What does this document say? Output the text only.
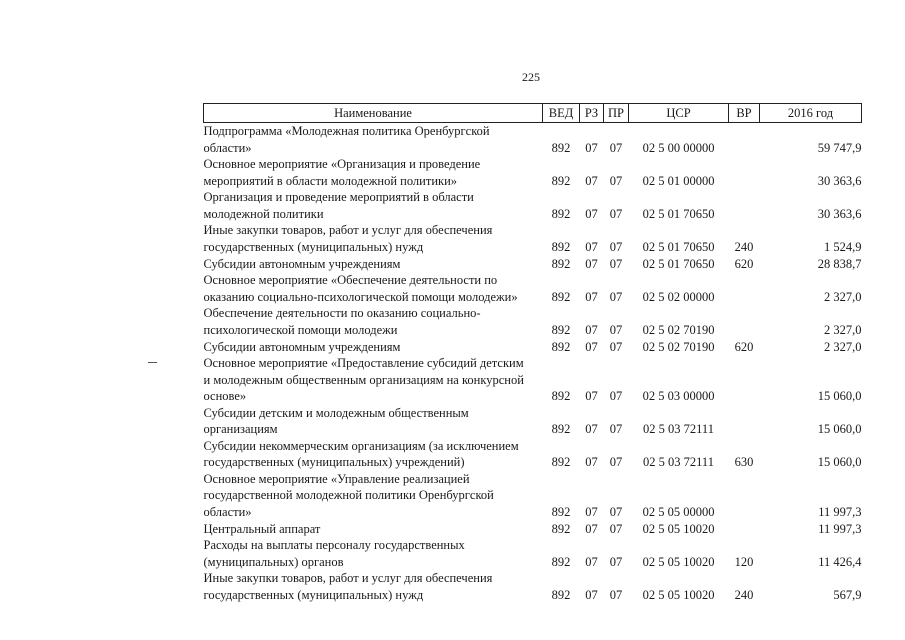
225
Наименование	ВЕД	РЗ	ПР	ЦСР	ВР	2016 год

Подпрограмма «Молодежная политика Оренбургской
области»	892	07	07	02 5 00 00000		59 747,9

Основное мероприятие «Организация и проведение
мероприятий в области молодежной политики»	892	07	07	02 5 01 00000		30 363,6

Организация и проведение мероприятий в области
молодежной политики	892	07	07	02 5 01 70650		30 363,6

Иные закупки товаров, работ и услуг для обеспечения
государственных (муниципальных) нужд	892	07	07	02 5 01 70650	240	1 524,9

Субсидии автономным учреждениям	892	07	07	02 5 01 70650	620	28 838,7

Основное мероприятие «Обеспечение деятельности по
оказанию социально-психологической помощи молодежи»	892	07	07	02 5 02 00000		2 327,0

Обеспечение деятельности по оказанию социально-
психологической помощи молодежи	892	07	07	02 5 02 70190		2 327,0

Субсидии автономным учреждениям	892	07	07	02 5 02 70190	620	2 327,0

Основное мероприятие «Предоставление субсидий детским
и молодежным общественным организациям на конкурсной
основе»	892	07	07	02 5 03 00000		15 060,0

Субсидии детским и молодежным общественным
организациям	892	07	07	02 5 03 72111		15 060,0

Субсидии некоммерческим организациям (за исключением
государственных (муниципальных) учреждений)	892	07	07	02 5 03 72111	630	15 060,0

Основное мероприятие «Управление реализацией
государственной молодежной политики Оренбургской
области»	892	07	07	02 5 05 00000		11 997,3

Центральный аппарат	892	07	07	02 5 05 10020		11 997,3

Расходы на выплаты персоналу государственных
(муниципальных) органов	892	07	07	02 5 05 10020	120	11 426,4

Иные закупки товаров, работ и услуг для обеспечения
государственных (муниципальных) нужд	892	07	07	02 5 05 10020	240	567,9
